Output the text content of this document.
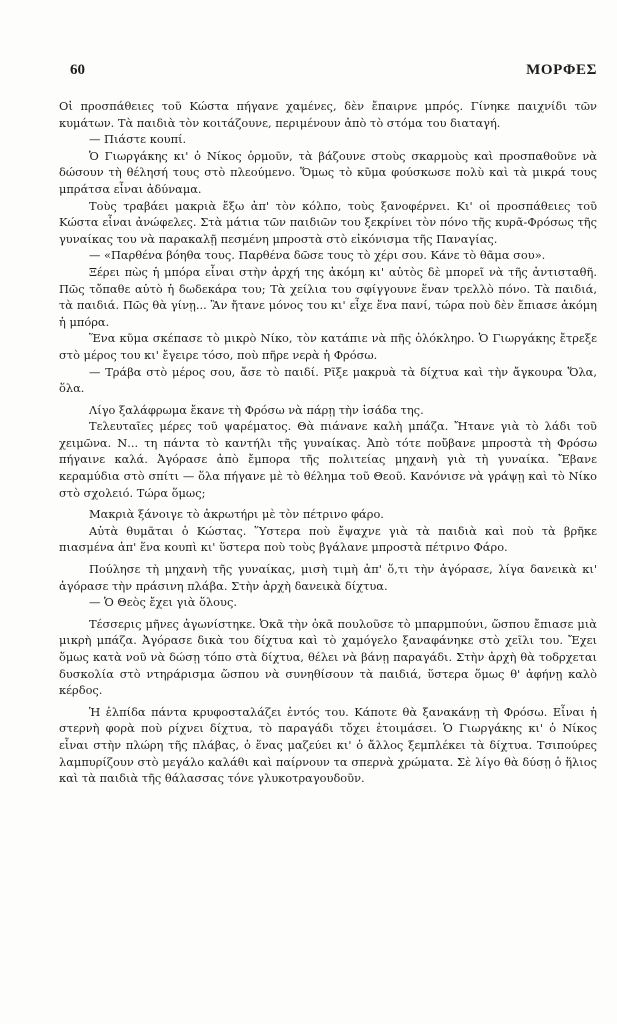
60	ΜΟΡΦΕΣ

Οἱ προσπάθειες τοῦ Κώστα πήγανε χαμένες, δὲν ἔπαιρνε μπρός. Γίνηκε παιχνίδι τῶν κυμάτων. Τὰ παιδιὰ τὸν κοιτάζουνε, περιμένουν ἀπὸ τὸ στόμα του διαταγή.

— Πιάστε κουπί.

Ὁ Γιωργάκης κι' ὁ Νίκος ὁρμοῦν, τὰ βάζουνε στοὺς σκαρμοὺς καὶ προσπαθοῦνε νὰ δώσουν τὴ θέλησή τους στὸ πλεούμενο. Ὅμως τὸ κῦμα φούσκωσε πολὺ καὶ τὰ μικρά τους μπράτσα εἶναι ἀδύναμα.

Τοὺς τραβάει μακριὰ ἔξω ἀπ' τὸν κόλπο, τοὺς ξανοφέρνει. Κι' οἱ προσπάθειες τοῦ Κώστα εἶναι ἀνώφελες. Στὰ μάτια τῶν παιδιῶν του ξεκρίνει τὸν πόνο τῆς κυρᾶ-Φρόσως τῆς γυναίκας του νὰ παρακαλῇ πεσμένη μπροστὰ στὸ εἰκόνισμα τῆς Παναγίας.

— «Παρθένα βόηθα τους. Παρθένα δῶσε τους τὸ χέρι σου. Κάνε τὸ θᾶμα σου».

Ξέρει πὼς ἡ μπόρα εἶναι στὴν ἀρχή της ἀκόμη κι' αὐτὸς δὲ μπορεῖ νὰ τῆς ἀντισταθῆ. Πῶς τὄπαθε αὐτὸ ἡ δωδεκάρα του; Τὰ χείλια του σφίγγουνε ἕναν τρελλὸ πόνο. Τὰ παιδιά, τὰ παιδιά. Πῶς θὰ γίνῃ... Ἂν ἤτανε μόνος του κι' εἶχε ἕνα πανί, τώρα ποὺ δὲν ἔπιασε ἀκόμη ἡ μπόρα.

Ἕνα κῦμα σκέπασε τὸ μικρὸ Νίκο, τὸν κατάπιε νὰ πῆς ὁλόκληρο. Ὁ Γιωργάκης ἔτρεξε στὸ μέρος του κι' ἔγειρε τόσο, ποὺ πῆρε νερὰ ἡ Φρόσω.

— Τράβα στὸ μέρος σου, ἄσε τὸ παιδί. Ρῖξε μακρυὰ τὰ δίχτυα καὶ τὴν ἄγκουρα Ὅλα, ὅλα.

Λίγο ξαλάφρωμα ἔκανε τὴ Φρόσω νὰ πάρῃ τὴν ἰσάδα της.

Τελευταῖες μέρες τοῦ ψαρέματος. Θὰ πιάνανε καλὴ μπάζα. Ἤτανε γιὰ τὸ λάδι τοῦ χειμῶνα. Ν... τη πάντα τὸ καντήλι τῆς γυναίκας. Ἀπὸ τότε ποὔβανε μπροστὰ τὴ Φρόσω πήγαινε καλά. Ἀγόρασε ἀπὸ ἔμπορα τῆς πολιτείας μηχανὴ γιὰ τὴ γυναίκα. Ἔβανε κεραμύδια στὸ σπίτι — ὅλα πήγανε μὲ τὸ θέλημα τοῦ Θεοῦ. Κανόνισε νὰ γράψῃ καὶ τὸ Νίκο στὸ σχολειό. Τώρα ὅμως;

Μακριὰ ξάνοιγε τὸ ἀκρωτήρι μὲ τὸν πέτρινο φάρο.

Αὐτὰ θυμᾶται ὁ Κώστας. Ὕστερα ποὺ ἔψαχνε γιὰ τὰ παιδιὰ καὶ ποὺ τὰ βρῆκε πιασμένα ἀπ' ἕνα κουπὶ κι' ὕστερα ποὺ τοὺς βγάλανε μπροστὰ πέτρινο Φάρο.

Πούλησε τὴ μηχανὴ τῆς γυναίκας, μισὴ τιμὴ ἀπ' ὅ,τι τὴν ἀγόρασε, λίγα δανεικὰ κι' ἀγόρασε τὴν πράσινη πλάβα. Στὴν ἀρχὴ δανεικὰ δίχτυα.

— Ὁ Θεὸς ἔχει γιὰ ὅλους.

Τέσσερις μῆνες ἀγωνίστηκε. Ὀκᾶ τὴν ὀκᾶ πουλοῦσε τὸ μπαρμπούνι, ὥσπου ἔπιασε μιὰ μικρὴ μπάζα. Ἀγόρασε δικὰ του δίχτυα καὶ τὸ χαμόγελο ξαναφάνηκε στὸ χεῖλι του. Ἔχει ὅμως κατὰ νοῦ νὰ δώσῃ τόπο στὰ δίχτυα, θέλει νὰ βάνῃ παραγάδι. Στὴν ἀρχὴ θὰ τοδρχεται δυσκολία στὸ ντηράρισμα ὥσπου νὰ συνηθίσουν τὰ παιδιά, ὕστερα ὅμως θ' ἀφήνῃ καλὸ κέρδος.

Ἡ ἐλπίδα πάντα κρυφοσταλάζει ἐντός του. Κάποτε θὰ ξανακάνῃ τὴ Φρόσω. Εἶναι ἡ στερνὴ φορὰ ποὺ ρίχνει δίχτυα, τὸ παραγάδι τὄχει ἑτοιμάσει. Ὁ Γιωργάκης κι' ὁ Νίκος εἶναι στὴν πλώρη τῆς πλάβας, ὁ ἕνας μαζεύει κι' ὁ ἄλλος ξεμπλέκει τὰ δίχτυα. Τσιπούρες λαμπυρίζουν στὸ μεγάλο καλάθι καὶ παίρνουν τα σπερνὰ χρώματα. Σὲ λίγο θὰ δύσῃ ὁ ἥλιος καὶ τὰ παιδιὰ τῆς θάλασσας τόνε γλυκοτραγουδοῦν.
